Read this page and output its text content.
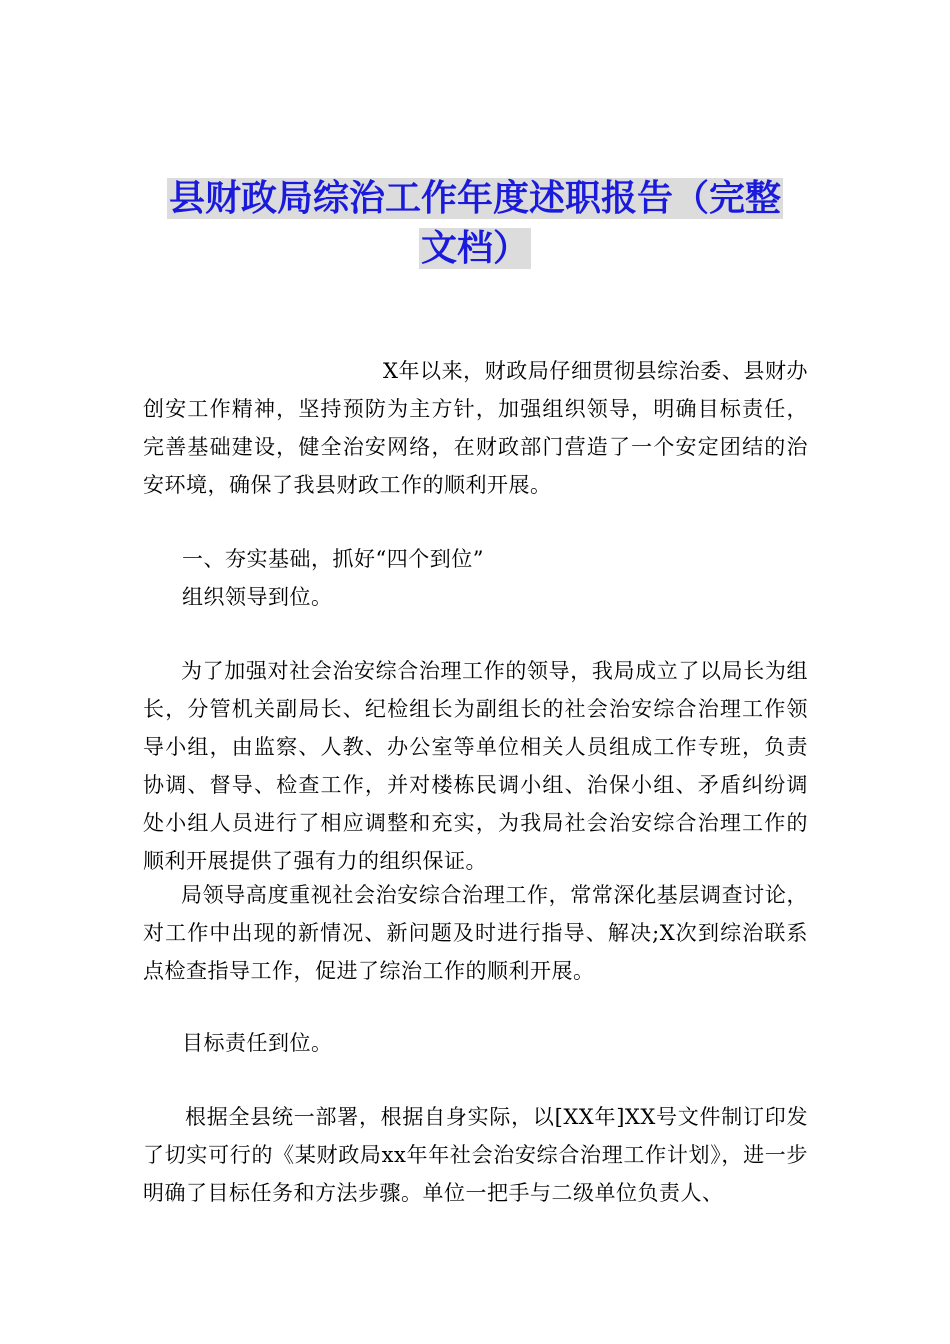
县财政局综治工作年度述职报告（完整
文档）

X年以来，财政局仔细贯彻县综治委、县财办创安工作精神，坚持预防为主方针，加强组织领导，明确目标责任，完善基础建设，健全治安网络，在财政部门营造了一个安定团结的治安环境，确保了我县财政工作的顺利开展。

一、夯实基础，抓好“四个到位”

组织领导到位。

为了加强对社会治安综合治理工作的领导，我局成立了以局长为组长，分管机关副局长、纪检组长为副组长的社会治安综合治理工作领导小组，由监察、人教、办公室等单位相关人员组成工作专班，负责协调、督导、检查工作，并对楼栋民调小组、治保小组、矛盾纠纷调处小组人员进行了相应调整和充实，为我局社会治安综合治理工作的顺利开展提供了强有力的组织保证。

局领导高度重视社会治安综合治理工作，常常深化基层调查讨论，对工作中出现的新情况、新问题及时进行指导、解决;X次到综治联系点检查指导工作，促进了综治工作的顺利开展。

目标责任到位。

根据全县统一部署，根据自身实际，以[XX年]XX号文件制订印发了切实可行的《某财政局xx年年社会治安综合治理工作计划》，进一步明确了目标任务和方法步骤。单位一把手与二级单位负责人、
